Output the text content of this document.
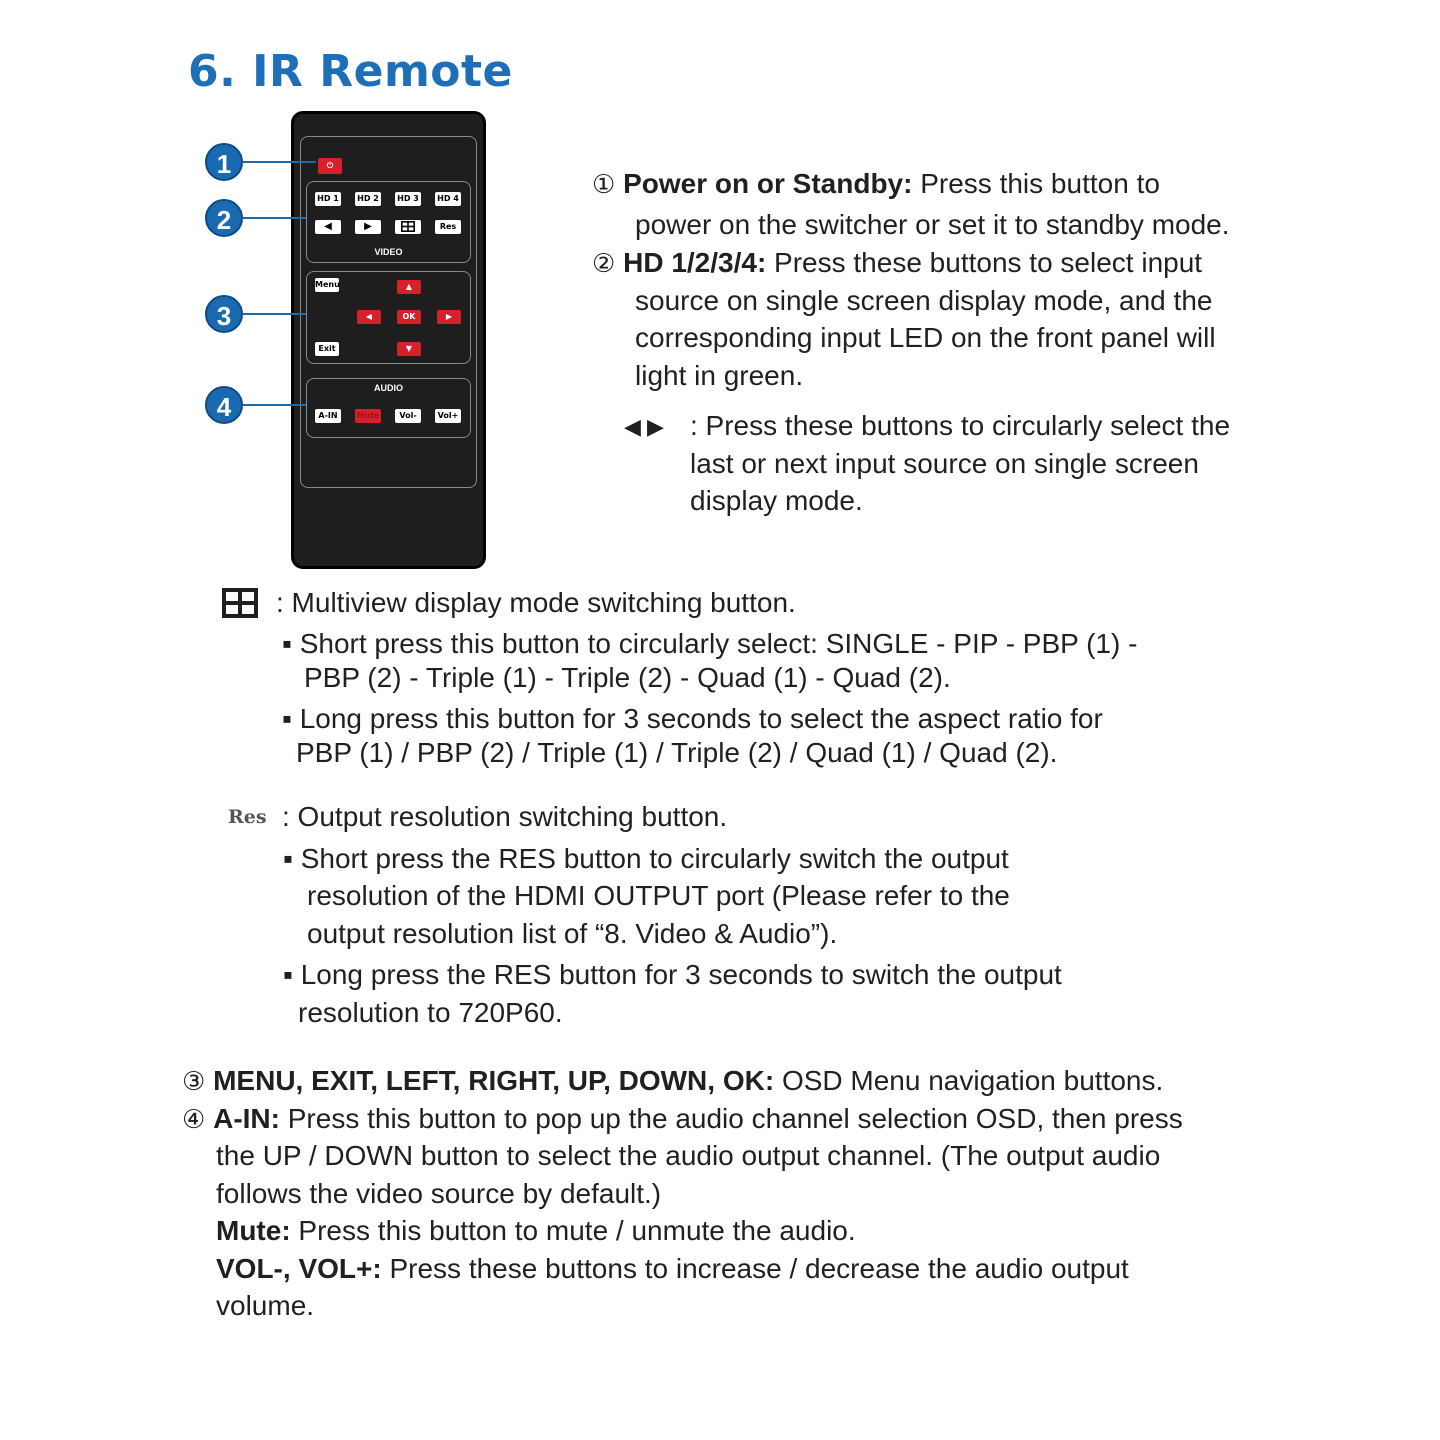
6. IR Remote
⏻
HD 1 HD 2 HD 3 HD 4
◀	▶	Res
VIDEO
Menu	▲
◀	OK	▶
Exit	▼
AUDIO
A-IN	Mute	Vol-	Vol+
1
2
3
4
① Power on or Standby: Press this button to
power on the switcher or set it to standby mode.
② HD 1/2/3/4: Press these buttons to select input
source on single screen display mode, and the
corresponding input LED on the front panel will
light in green.
◀ ▶ : Press these buttons to circularly select the
last or next input source on single screen
display mode.
: Multiview display mode switching button.
▪ Short press this button to circularly select: SINGLE - PIP - PBP (1) -
PBP (2) - Triple (1) - Triple (2) - Quad (1) - Quad (2).
▪ Long press this button for 3 seconds to select the aspect ratio for
PBP (1) / PBP (2) / Triple (1) / Triple (2) / Quad (1) / Quad (2).
Res : Output resolution switching button.
▪ Short press the RES button to circularly switch the output
resolution of the HDMI OUTPUT port (Please refer to the
output resolution list of “8. Video & Audio”).
▪ Long press the RES button for 3 seconds to switch the output
resolution to 720P60.
③ MENU, EXIT, LEFT, RIGHT, UP, DOWN, OK: OSD Menu navigation buttons.
④ A-IN: Press this button to pop up the audio channel selection OSD, then press
the UP / DOWN button to select the audio output channel. (The output audio
follows the video source by default.)
Mute: Press this button to mute / unmute the audio.
VOL-, VOL+: Press these buttons to increase / decrease the audio output
volume.
